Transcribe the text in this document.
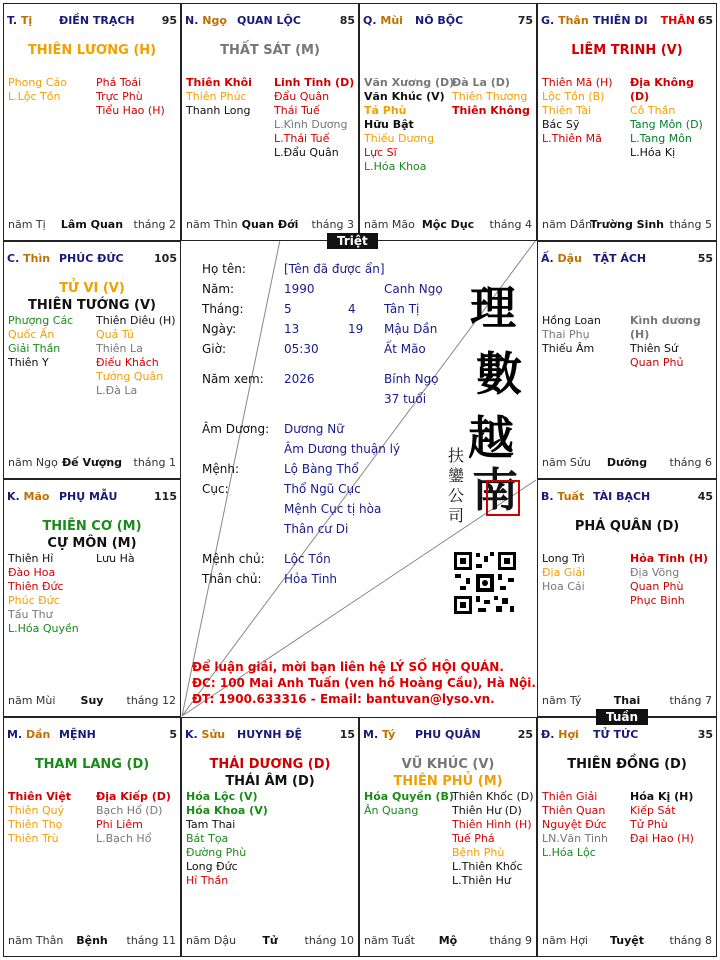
Họ tên:	[Tên đã được ẩn]
Năm:	1990	Canh Ngọ
Tháng:	5	4 Tân Tị
Ngày:	13	19 Mậu Dần
Giờ:	05:30	Ất Mão
Năm xem: 2026	Bính Ngọ
37 tuổi
Âm Dương: Dương Nữ
Âm Dương thuận lý
Mệnh:	Lộ Bàng Thổ
Cục:	Thổ Ngũ Cục
Mệnh Cục tị hòa
Thân cư Di
Mệnh chủ: Lộc Tồn
Thân chủ: Hỏa Tinh
理
數
越
南
扶
鑾
公
司
Để luận giải, mời bạn liên hệ LÝ SỐ HỘI QUÁN.
ĐC: 100 Mai Anh Tuấn (ven hồ Hoàng Cầu), Hà Nội.
ĐT: 1900.633316 - Email: bantuvan@lyso.vn.
Triệt
Tuần
T. Tị ĐIỀN TRẠCH 95
THIÊN LƯƠNG (H)
Phong Cáo
L.Lộc Tồn
Phá Toái
Trực Phù
Tiểu Hao (H)
năm Tị	Lâm Quan tháng 2
N. Ngọ QUAN LỘC	85
THẤT SÁT (M)
Thiên Khôi
Thiên Phúc
Thanh Long
Linh Tinh (D)
Đẩu Quân
Thái Tuế
L.Kình Dương
L.Thái Tuế
L.Đẩu Quân
năm Thìn Quan Đới	tháng 3
Q. Mùi NÔ BỘC	75
Văn Xương (D)
Văn Khúc (V)
Tả Phù
Hữu Bật
Thiếu Dương
Lực Sĩ
L.Hóa Khoa
Đà La (D)
Thiên Thương
Thiên Không
năm Mão Mộc Dục	tháng 4
G. Thân THIÊN DI THÂN 65
LIÊM TRINH (V)
Thiên Mã (H)
Lộc Tồn (B)
Thiên Tài
Bác Sỹ
L.Thiên Mã
Địa Không (D)
Cô Thần
Tang Môn (D)
L.Tang Môn
L.Hóa Kị
năm Dần
Trường Sinh tháng 5
Ấ. Dậu TẬT ÁCH	55
Hồng Loan
Thai Phụ
Thiếu Âm
Kình dương (H)
Thiên Sứ
Quan Phủ
năm Sửu	Dưỡng	tháng 6
B. Tuất TÀI BẠCH	45
PHÁ QUÂN (D)
Long Trì
Địa Giải
Hoa Cái
Hỏa Tinh (H)
Địa Võng
Quan Phù
Phục Binh
năm Tý	Thai	tháng 7
Đ. Hợi TỬ TỨC	35
THIÊN ĐỒNG (D)
Thiên Giải
Thiên Quan
Nguyệt Đức
LN.Văn Tinh
L.Hóa Lộc
Hóa Kị (H)
Kiếp Sát
Tử Phù
Đại Hao (H)
năm Hợi	Tuyệt	tháng 8
M. Tý PHU QUÂN	25
VŨ KHÚC (V)
THIÊN PHỦ (M)
Hóa Quyền (B)
Ân Quang
Thiên Khốc (D)
Thiên Hư (D)
Thiên Hình (H)
Tuế Phá
Bệnh Phù
L.Thiên Khốc
L.Thiên Hư
năm Tuất	Mộ	tháng 9
K. Sửu HUYNH ĐỆ	15
THÁI DƯƠNG (D)
THÁI ÂM (D)
Hóa Lộc (V)
Hóa Khoa (V)
Tam Thai
Bát Tọa
Đường Phù
Long Đức
Hỉ Thần
năm Dậu	Tử	tháng 10
M. Dần MỆNH	5
THAM LANG (D)
Thiên Việt
Thiên Quý
Thiên Thọ
Thiên Trù
Địa Kiếp (D)
Bạch Hổ (D)
Phi Liêm
L.Bạch Hổ
năm Thân	Bệnh	tháng 11
K. Mão PHỤ MẪU	115
THIÊN CƠ (M)
CỰ MÔN (M)
Thiên Hỉ
Đào Hoa
Thiên Đức
Phúc Đức
Tấu Thư
L.Hóa Quyền
Lưu Hà
năm Mùi	Suy	tháng 12
C. Thìn PHÚC ĐỨC	105
TỬ VI (V)
THIÊN TƯỚNG (V)
Phượng Các
Quốc Ấn
Giải Thần
Thiên Y
Thiên Diêu (H)
Quả Tú
Thiên La
Điếu Khách
Tướng Quân
L.Đà La
năm Ngọ Đế Vượng	tháng 1
